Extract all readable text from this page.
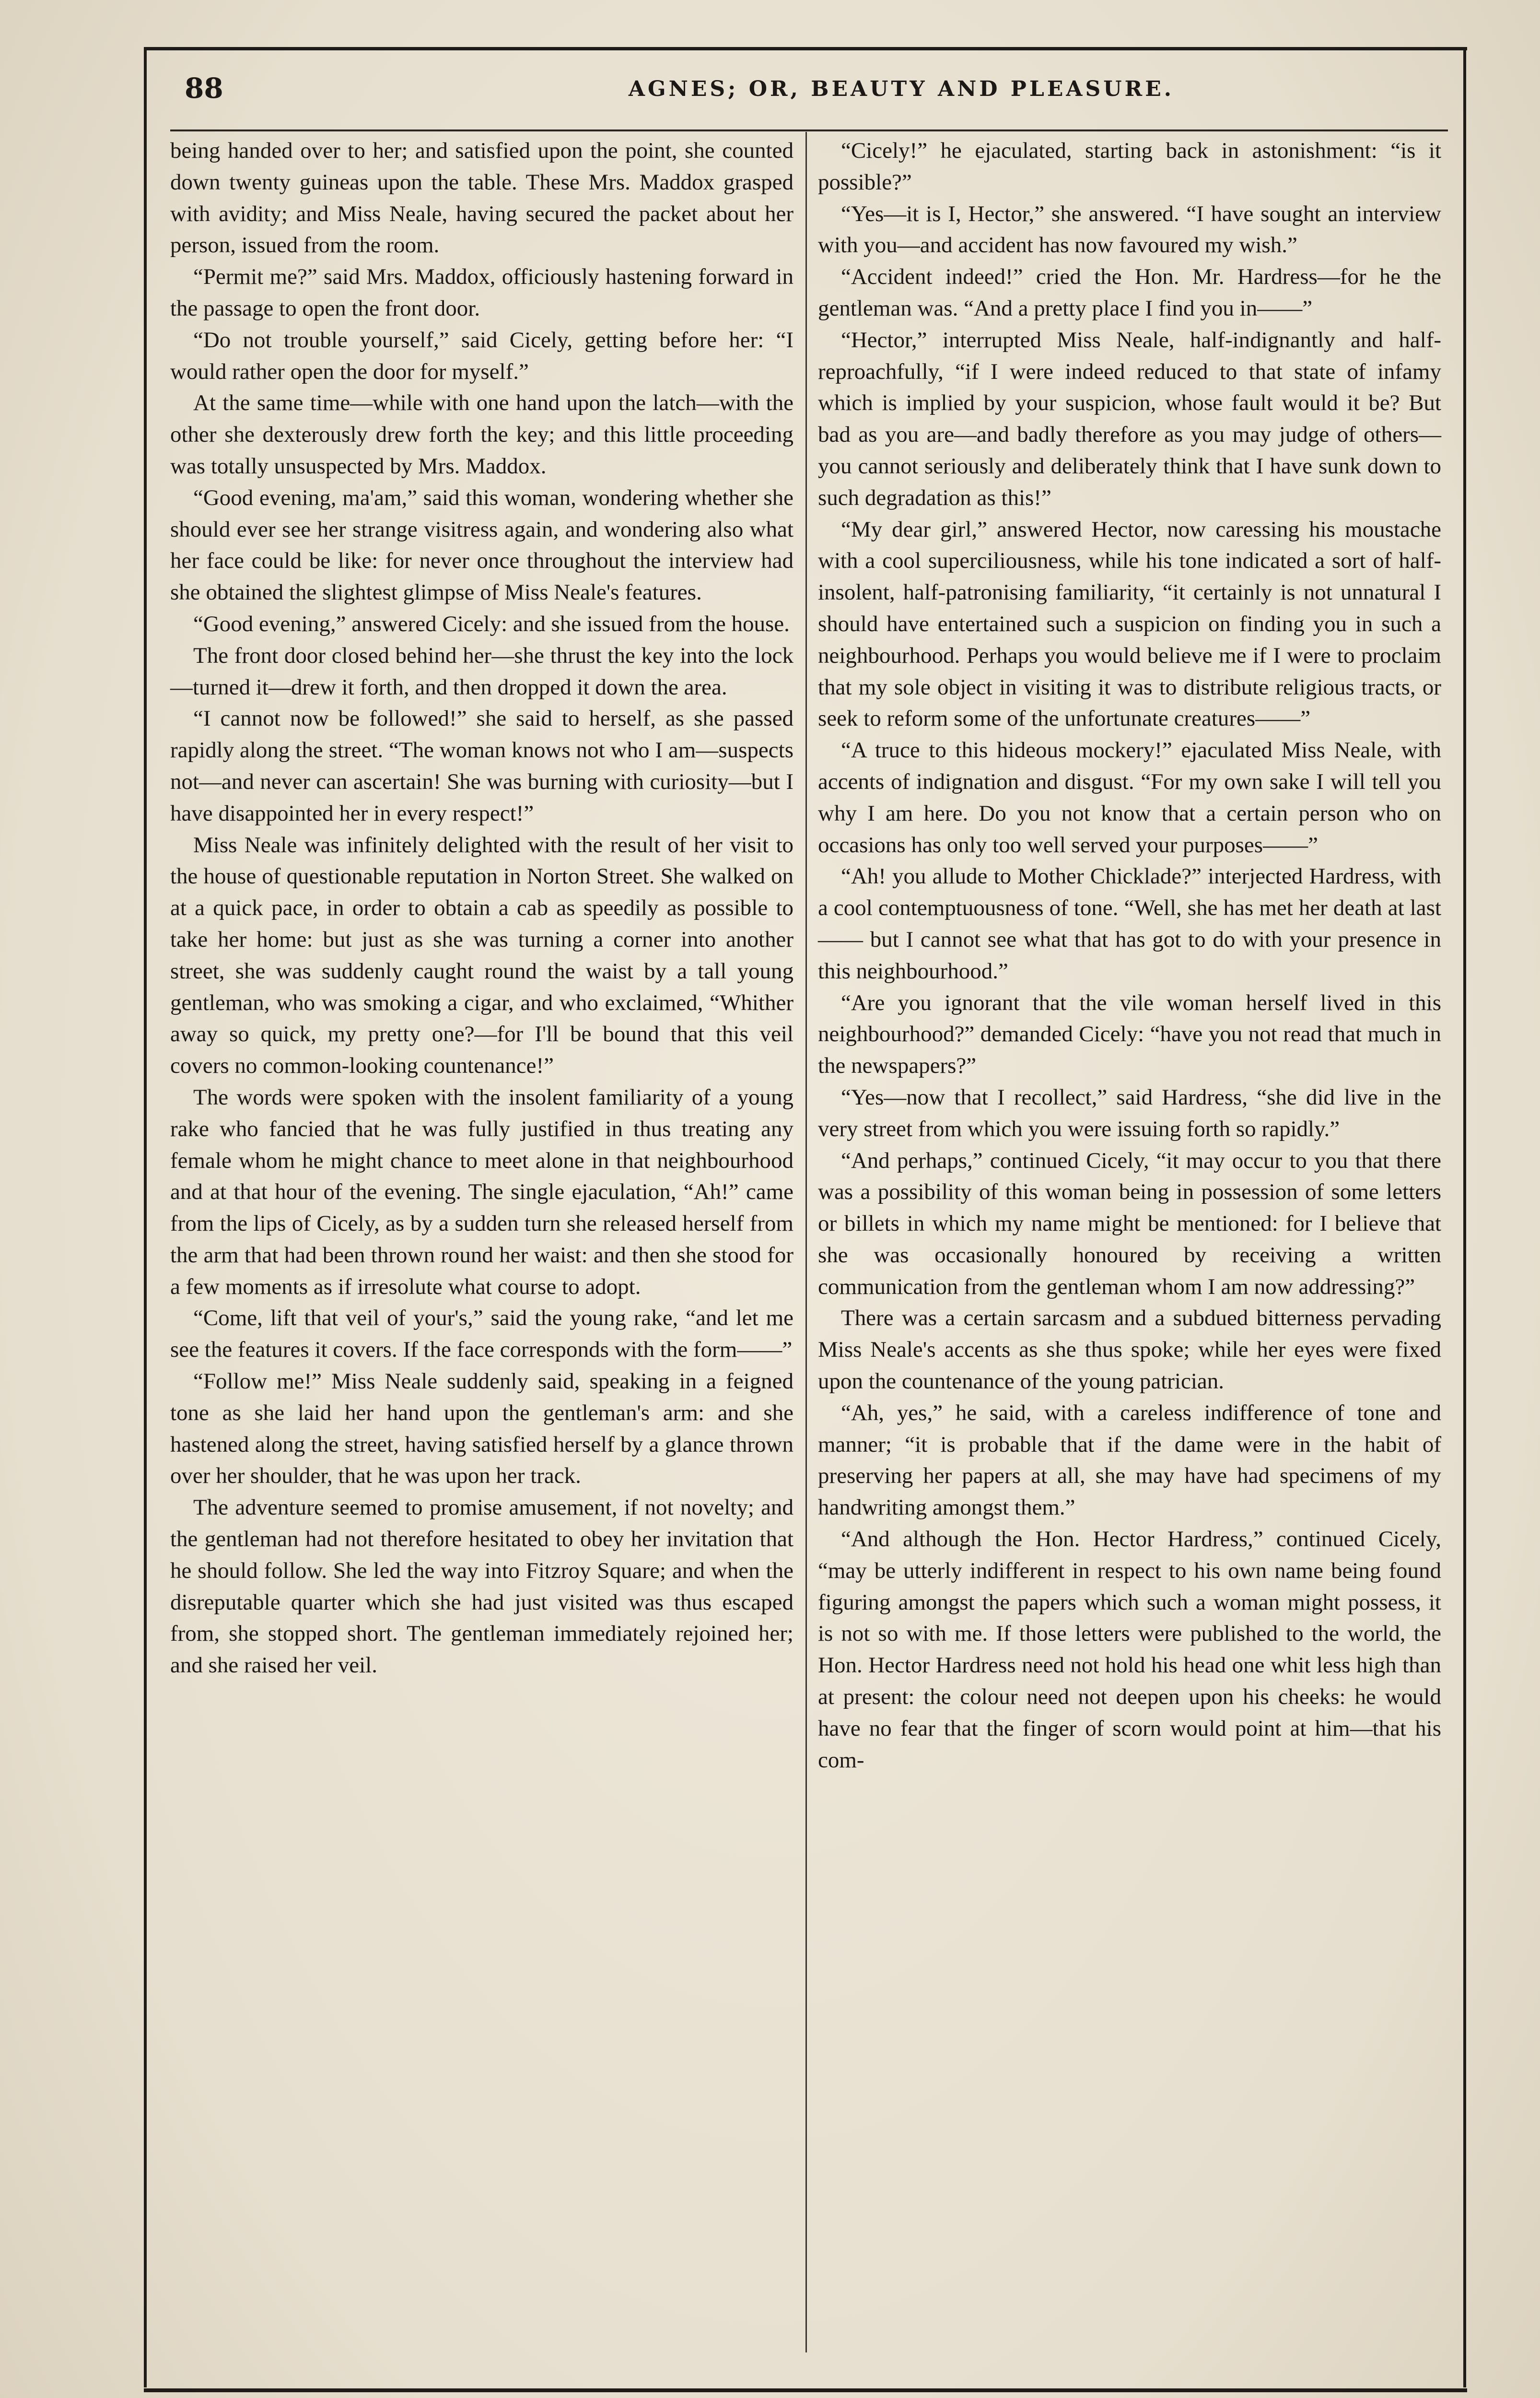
88	AGNES; OR, BEAUTY AND PLEASURE.

being handed over to her; and satisfied upon the point, she counted down twenty guineas upon the table. These Mrs. Maddox grasped with avidity; and Miss Neale, having secured the packet about her person, issued from the room.

“Permit me?” said Mrs. Maddox, officiously hastening forward in the passage to open the front door.

“Do not trouble yourself,” said Cicely, getting before her: “I would rather open the door for myself.”

At the same time—while with one hand upon the latch—with the other she dexterously drew forth the key; and this little proceeding was totally unsuspected by Mrs. Maddox.

“Good evening, ma'am,” said this woman, wondering whether she should ever see her strange visitress again, and wondering also what her face could be like: for never once throughout the interview had she obtained the slightest glimpse of Miss Neale's features.

“Good evening,” answered Cicely: and she issued from the house.

The front door closed behind her—she thrust the key into the lock—turned it—drew it forth, and then dropped it down the area.

“I cannot now be followed!” she said to herself, as she passed rapidly along the street. “The woman knows not who I am—suspects not—and never can ascertain! She was burning with curiosity—but I have disappointed her in every respect!”

Miss Neale was infinitely delighted with the result of her visit to the house of questionable reputation in Norton Street. She walked on at a quick pace, in order to obtain a cab as speedily as possible to take her home: but just as she was turning a corner into another street, she was suddenly caught round the waist by a tall young gentleman, who was smoking a cigar, and who exclaimed, “Whither away so quick, my pretty one?—for I'll be bound that this veil covers no common-looking countenance!”

The words were spoken with the insolent familiarity of a young rake who fancied that he was fully justified in thus treating any female whom he might chance to meet alone in that neighbourhood and at that hour of the evening. The single ejaculation, “Ah!” came from the lips of Cicely, as by a sudden turn she released herself from the arm that had been thrown round her waist: and then she stood for a few moments as if irresolute what course to adopt.

“Come, lift that veil of your's,” said the young rake, “and let me see the features it covers. If the face corresponds with the form——”

“Follow me!” Miss Neale suddenly said, speaking in a feigned tone as she laid her hand upon the gentleman's arm: and she hastened along the street, having satisfied herself by a glance thrown over her shoulder, that he was upon her track.

The adventure seemed to promise amusement, if not novelty; and the gentleman had not therefore hesitated to obey her invitation that he should follow. She led the way into Fitzroy Square; and when the disreputable quarter which she had just visited was thus escaped from, she stopped short. The gentleman immediately rejoined her; and she raised her veil.

“Cicely!” he ejaculated, starting back in astonishment: “is it possible?”

“Yes—it is I, Hector,” she answered. “I have sought an interview with you—and accident has now favoured my wish.”

“Accident indeed!” cried the Hon. Mr. Hardress—for he the gentleman was. “And a pretty place I find you in——”

“Hector,” interrupted Miss Neale, half-indignantly and half-reproachfully, “if I were indeed reduced to that state of infamy which is implied by your suspicion, whose fault would it be? But bad as you are—and badly therefore as you may judge of others—you cannot seriously and deliberately think that I have sunk down to such degradation as this!”

“My dear girl,” answered Hector, now caressing his moustache with a cool superciliousness, while his tone indicated a sort of half-insolent, half-patronising familiarity, “it certainly is not unnatural I should have entertained such a suspicion on finding you in such a neighbourhood. Perhaps you would believe me if I were to proclaim that my sole object in visiting it was to distribute religious tracts, or seek to reform some of the unfortunate creatures——”

“A truce to this hideous mockery!” ejaculated Miss Neale, with accents of indignation and disgust. “For my own sake I will tell you why I am here. Do you not know that a certain person who on occasions has only too well served your purposes——”

“Ah! you allude to Mother Chicklade?” interjected Hardress, with a cool contemptuousness of tone. “Well, she has met her death at last—— but I cannot see what that has got to do with your presence in this neighbourhood.”

“Are you ignorant that the vile woman herself lived in this neighbourhood?” demanded Cicely: “have you not read that much in the newspapers?”

“Yes—now that I recollect,” said Hardress, “she did live in the very street from which you were issuing forth so rapidly.”

“And perhaps,” continued Cicely, “it may occur to you that there was a possibility of this woman being in possession of some letters or billets in which my name might be mentioned: for I believe that she was occasionally honoured by receiving a written communication from the gentleman whom I am now addressing?”

There was a certain sarcasm and a subdued bitterness pervading Miss Neale's accents as she thus spoke; while her eyes were fixed upon the countenance of the young patrician.

“Ah, yes,” he said, with a careless indifference of tone and manner; “it is probable that if the dame were in the habit of preserving her papers at all, she may have had specimens of my handwriting amongst them.”

“And although the Hon. Hector Hardress,” continued Cicely, “may be utterly indifferent in respect to his own name being found figuring amongst the papers which such a woman might possess, it is not so with me. If those letters were published to the world, the Hon. Hector Hardress need not hold his head one whit less high than at present: the colour need not deepen upon his cheeks: he would have no fear that the finger of scorn would point at him—that his com-
